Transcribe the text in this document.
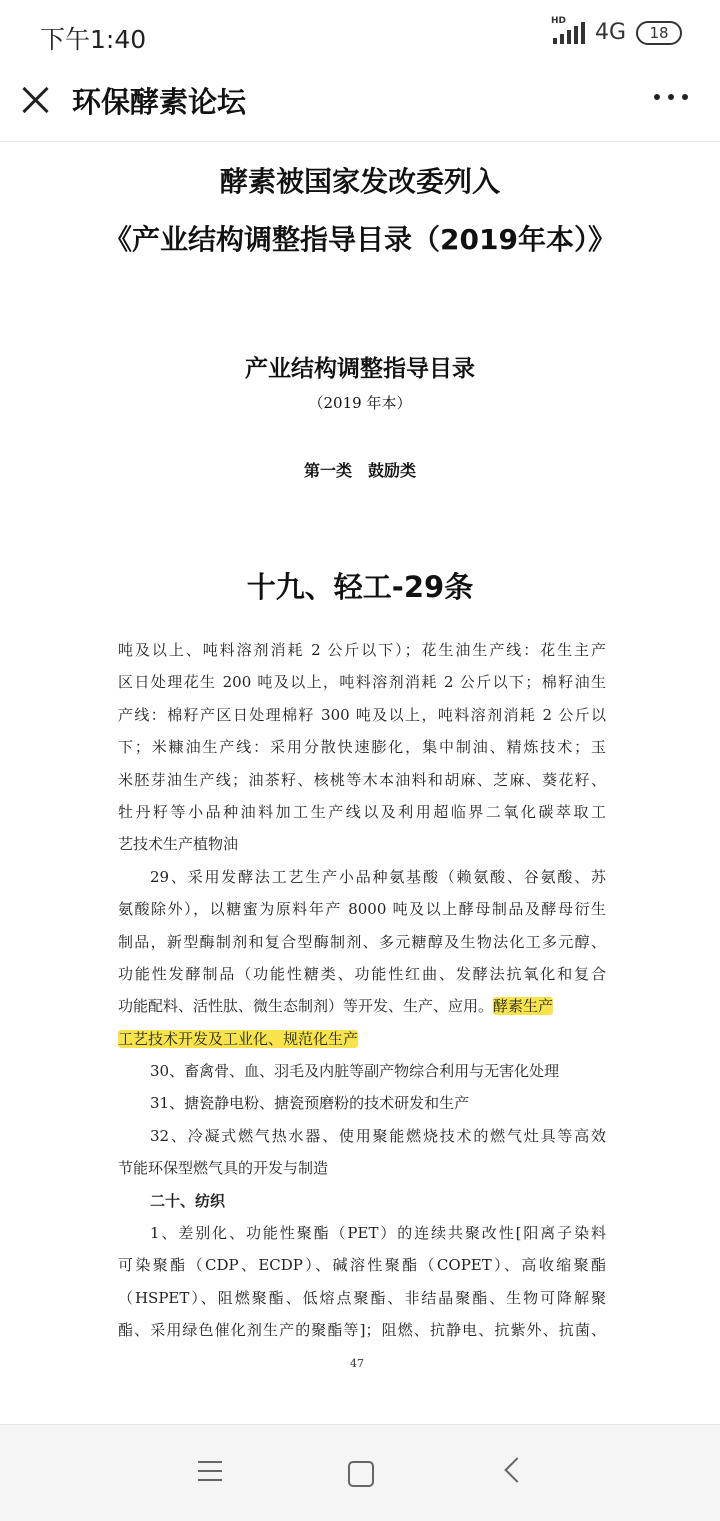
下午1:40
HD 4G	18
环保酵素论坛
酵素被国家发改委列入
《产业结构调整指导目录（2019年本）》
产业结构调整指导目录
（2019 年本）
第一类　鼓励类
十九、轻工-29条
吨及以上、吨料溶剂消耗 2 公斤以下）；花生油生产线：花生主产
区日处理花生 200 吨及以上，吨料溶剂消耗 2 公斤以下；棉籽油生
产线：棉籽产区日处理棉籽 300 吨及以上，吨料溶剂消耗 2 公斤以
下；米糠油生产线：采用分散快速膨化，集中制油、精炼技术；玉
米胚芽油生产线；油茶籽、核桃等木本油料和胡麻、芝麻、葵花籽、
牡丹籽等小品种油料加工生产线以及利用超临界二氧化碳萃取工
艺技术生产植物油
29、采用发酵法工艺生产小品种氨基酸（赖氨酸、谷氨酸、苏
氨酸除外），以糖蜜为原料年产 8000 吨及以上酵母制品及酵母衍生
制品，新型酶制剂和复合型酶制剂、多元糖醇及生物法化工多元醇、
功能性发酵制品（功能性糖类、功能性红曲、发酵法抗氧化和复合
功能配料、活性肽、微生态制剂）等开发、生产、应用。酵素生产
工艺技术开发及工业化、规范化生产
30、畜禽骨、血、羽毛及内脏等副产物综合利用与无害化处理
31、搪瓷静电粉、搪瓷预磨粉的技术研发和生产
32、冷凝式燃气热水器、使用聚能燃烧技术的燃气灶具等高效
节能环保型燃气具的开发与制造
二十、纺织
1、差别化、功能性聚酯（PET）的连续共聚改性[阳离子染料
可染聚酯（CDP、ECDP）、碱溶性聚酯（COPET）、高收缩聚酯
（HSPET）、阻燃聚酯、低熔点聚酯、非结晶聚酯、生物可降解聚
酯、采用绿色催化剂生产的聚酯等]；阻燃、抗静电、抗紫外、抗菌、
47
